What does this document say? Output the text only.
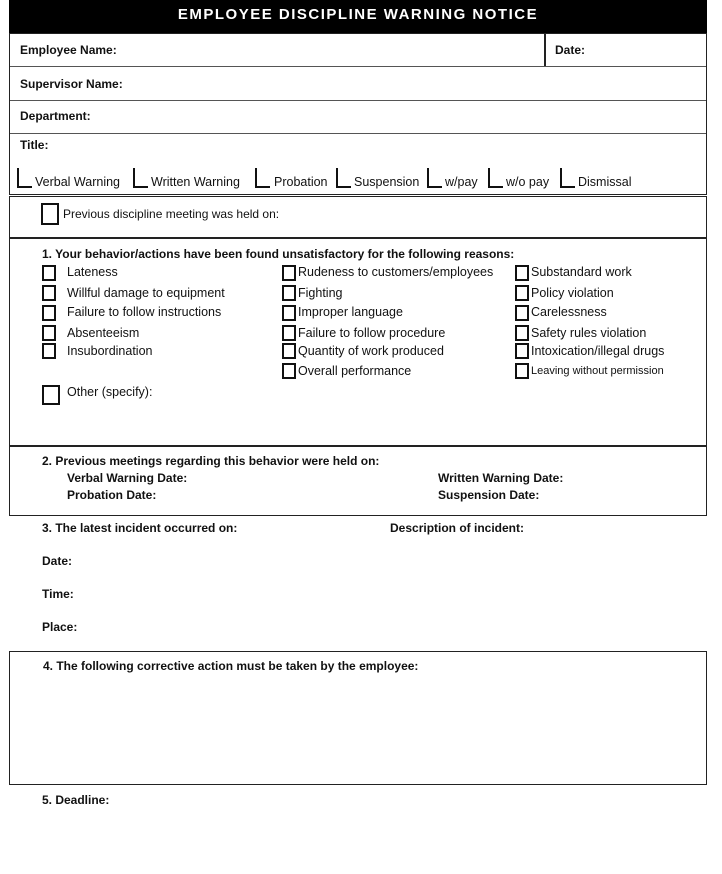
EMPLOYEE DISCIPLINE WARNING NOTICE
Employee Name:	Date:
Supervisor Name:
Department:
Title:
Verbal Warning Written Warning	Probation Suspension w/pay w/o pay Dismissal
Previous discipline meeting was held on:
1. Your behavior/actions have been found unsatisfactory for the following reasons:
Lateness
Willful damage to equipment
Failure to follow instructions
Absenteeism
Insubordination
Rudeness to customers/employees
Fighting
Improper language
Failure to follow procedure
Quantity of work produced
Overall performance
Substandard work
Policy violation
Carelessness
Safety rules violation
Intoxication/illegal drugs
Leaving without permission
Other (specify):
2. Previous meetings regarding this behavior were held on:
Verbal Warning Date:	Written Warning Date:
Probation Date:	Suspension Date:
3. The latest incident occurred on:	Description of incident:
Date:
Time:
Place:
4. The following corrective action must be taken by the employee:
5. Deadline:
